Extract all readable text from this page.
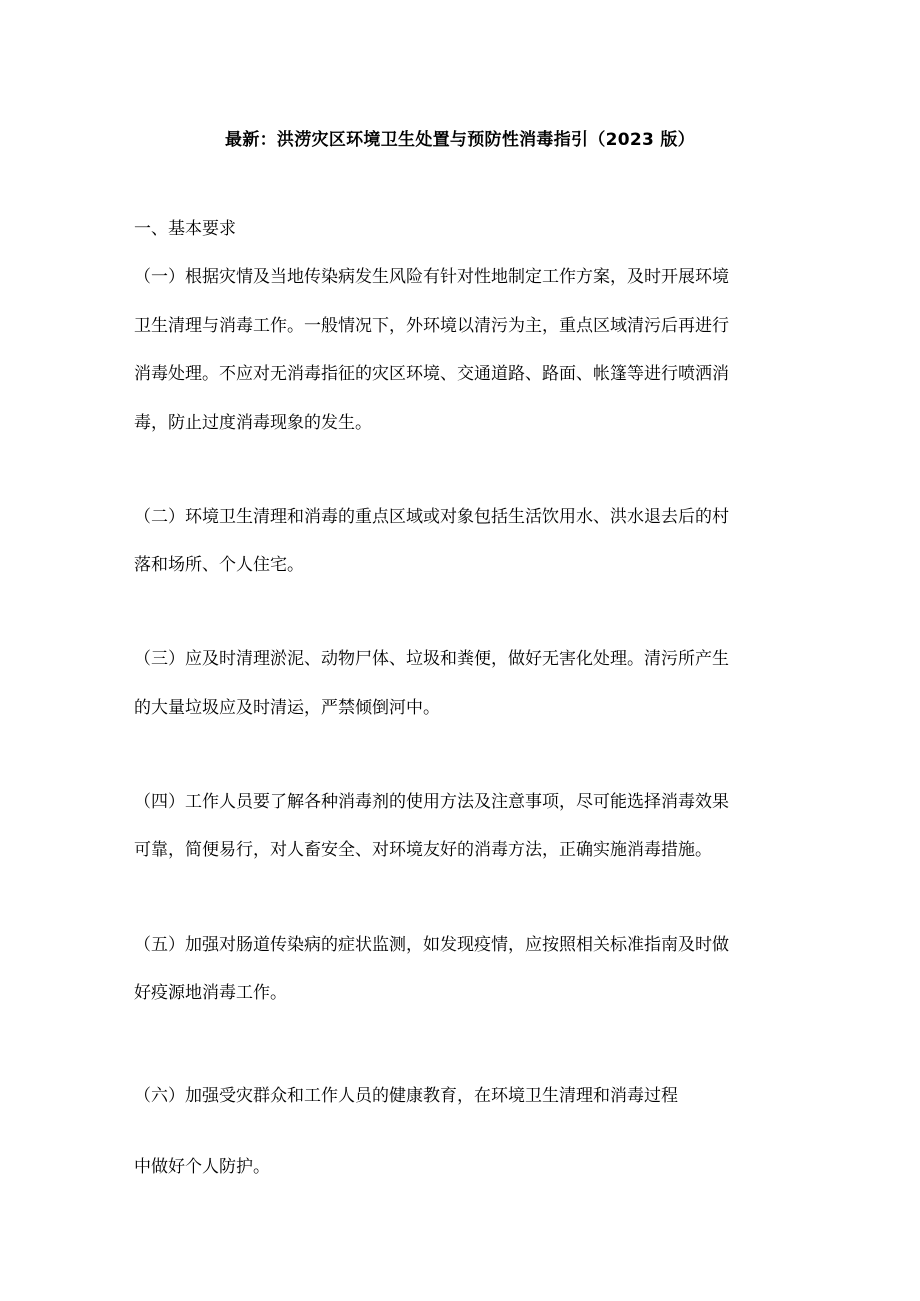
最新：洪涝灾区环境卫生处置与预防性消毒指引（2023 版）
一、基本要求
（一）根据灾情及当地传染病发生风险有针对性地制定工作方案，及时开展环境
卫生清理与消毒工作。一般情况下，外环境以清污为主，重点区域清污后再进行
消毒处理。不应对无消毒指征的灾区环境、交通道路、路面、帐篷等进行喷洒消
毒，防止过度消毒现象的发生。
（二）环境卫生清理和消毒的重点区域或对象包括生活饮用水、洪水退去后的村
落和场所、个人住宅。
（三）应及时清理淤泥、动物尸体、垃圾和粪便，做好无害化处理。清污所产生
的大量垃圾应及时清运，严禁倾倒河中。
（四）工作人员要了解各种消毒剂的使用方法及注意事项，尽可能选择消毒效果
可靠，简便易行，对人畜安全、对环境友好的消毒方法，正确实施消毒措施。
（五）加强对肠道传染病的症状监测，如发现疫情，应按照相关标准指南及时做
好疫源地消毒工作。
（六）加强受灾群众和工作人员的健康教育，在环境卫生清理和消毒过程
中做好个人防护。
